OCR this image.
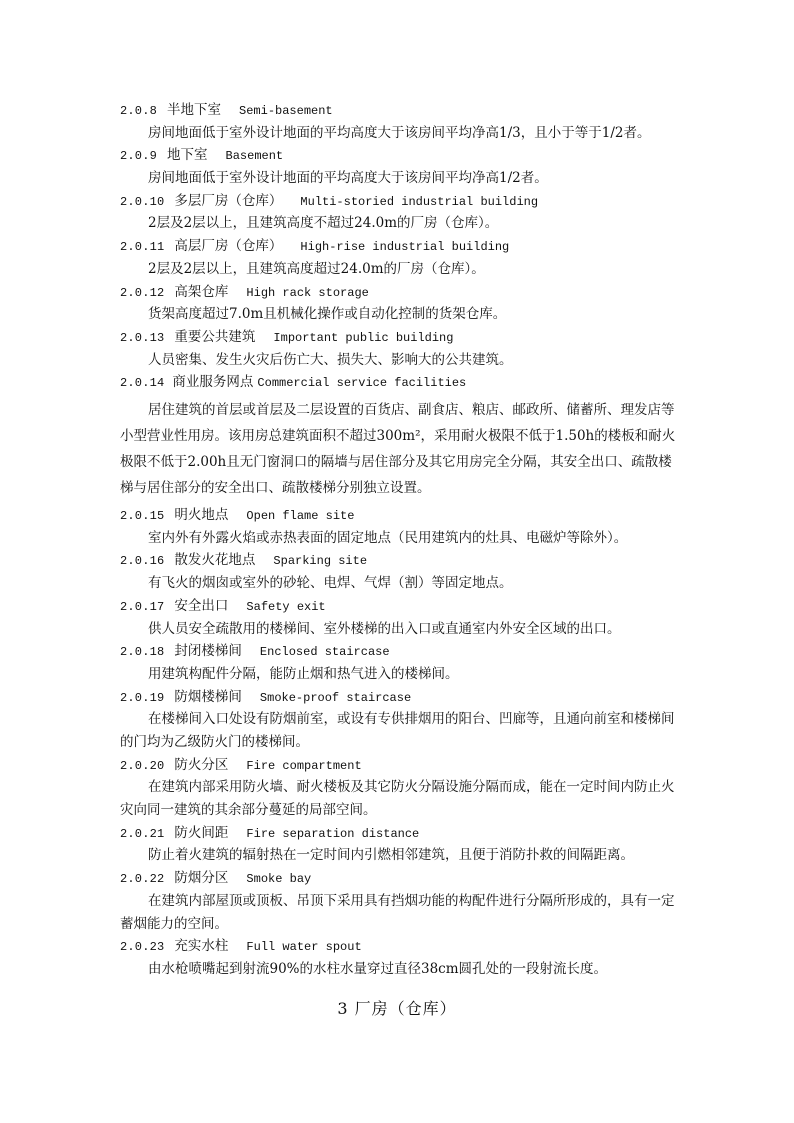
2.0.8 半地下室 Semi-basement
房间地面低于室外设计地面的平均高度大于该房间平均净高1/3，且小于等于1/2者。
2.0.9 地下室 Basement
房间地面低于室外设计地面的平均高度大于该房间平均净高1/2者。
2.0.10 多层厂房（仓库） Multi-storied industrial building
2层及2层以上，且建筑高度不超过24.0m的厂房（仓库）。
2.0.11 高层厂房（仓库） High-rise industrial building
2层及2层以上，且建筑高度超过24.0m的厂房（仓库）。
2.0.12 高架仓库 High rack storage
货架高度超过7.0m且机械化操作或自动化控制的货架仓库。
2.0.13 重要公共建筑 Important public building
人员密集、发生火灾后伤亡大、损失大、影响大的公共建筑。
2.0.14 商业服务网点 Commercial service facilities
居住建筑的首层或首层及二层设置的百货店、副食店、粮店、邮政所、储蓄所、理发店等小型营业性用房。该用房总建筑面积不超过300m²，采用耐火极限不低于1.50h的楼板和耐火极限不低于2.00h且无门窗洞口的隔墙与居住部分及其它用房完全分隔，其安全出口、疏散楼梯与居住部分的安全出口、疏散楼梯分别独立设置。
2.0.15 明火地点 Open flame site
室内外有外露火焰或赤热表面的固定地点（民用建筑内的灶具、电磁炉等除外）。
2.0.16 散发火花地点 Sparking site
有飞火的烟囱或室外的砂轮、电焊、气焊（割）等固定地点。
2.0.17 安全出口 Safety exit
供人员安全疏散用的楼梯间、室外楼梯的出入口或直通室内外安全区域的出口。
2.0.18 封闭楼梯间 Enclosed staircase
用建筑构配件分隔，能防止烟和热气进入的楼梯间。
2.0.19 防烟楼梯间 Smoke-proof staircase
在楼梯间入口处设有防烟前室，或设有专供排烟用的阳台、凹廊等，且通向前室和楼梯间的门均为乙级防火门的楼梯间。
2.0.20 防火分区 Fire compartment
在建筑内部采用防火墙、耐火楼板及其它防火分隔设施分隔而成，能在一定时间内防止火灾向同一建筑的其余部分蔓延的局部空间。
2.0.21 防火间距 Fire separation distance
防止着火建筑的辐射热在一定时间内引燃相邻建筑，且便于消防扑救的间隔距离。
2.0.22 防烟分区 Smoke bay
在建筑内部屋顶或顶板、吊顶下采用具有挡烟功能的构配件进行分隔所形成的，具有一定蓄烟能力的空间。
2.0.23 充实水柱 Full water spout
由水枪喷嘴起到射流90%的水柱水量穿过直径38cm圆孔处的一段射流长度。
3 厂房（仓库）
